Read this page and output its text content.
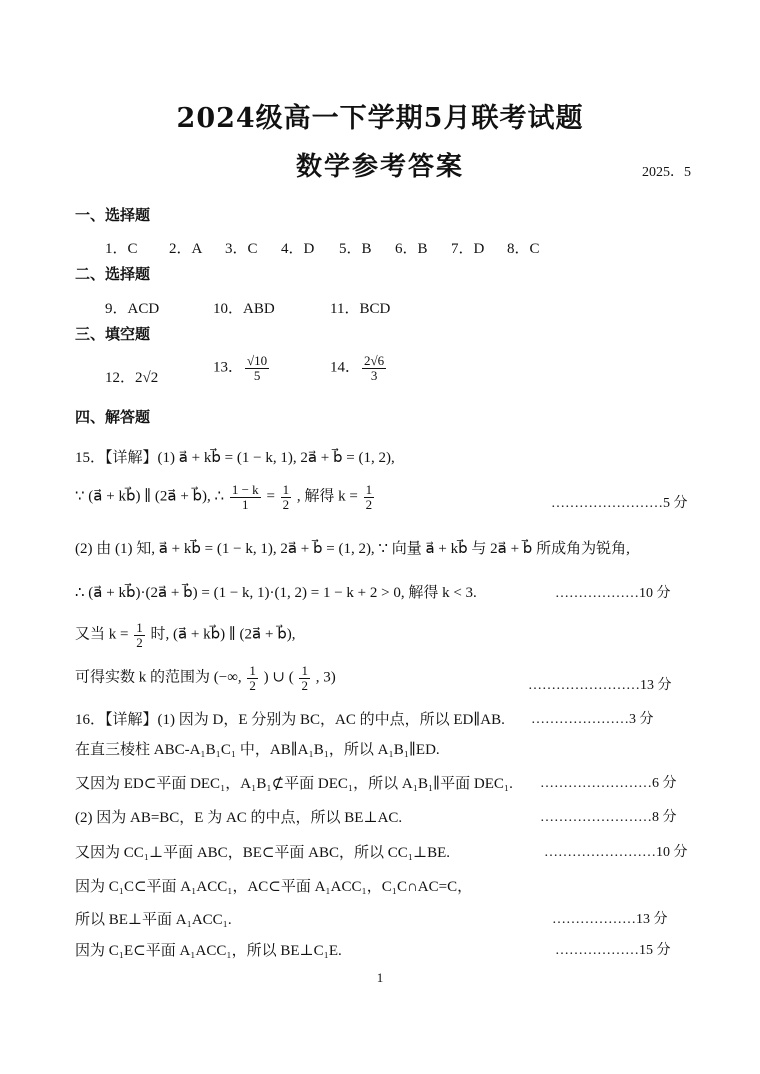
2024级高一下学期5月联考试题
数学参考答案	2025．5
一、选择题
1．C 2．A 3．C 4．D 5．B 6．B 7．D 8．C
二、选择题
9．ACD	10．ABD	11．BCD
三、填空题
12．2√2
13． $\frac{√10}{5}$	14． $\frac{2√6}{3}$
四、解答题
15．【详解】(1) a⃗ + kb⃗ = (1 − k, 1), 2a⃗ + b⃗ = (1, 2),
∵ (a⃗ + kb⃗) ∥ (2a⃗ + b⃗), ∴ $\frac{1 - k}{1} = \frac{1}{2}$ , 解得 $k = \frac{1}{2}$	……………………5 分
(2) 由 (1) 知, a⃗ + kb⃗ = (1 − k, 1), 2a⃗ + b⃗ = (1, 2), ∵ 向量 a⃗ + kb⃗ 与 2a⃗ + b⃗ 所成角为锐角,
∴ (a⃗ + kb⃗)·(2a⃗ + b⃗) = (1 − k, 1)·(1, 2) = 1 − k + 2 > 0, 解得 k < 3.	………………10 分
又当 $k = \frac{1}{2}$ 时, (a⃗ + kb⃗) ∥ (2a⃗ + b⃗),
可得实数 k 的范围为 (−∞, $\frac{1}{2}$ ) ∪ ( $\frac{1}{2}$ , 3)	……………………13 分
16．【详解】(1) 因为 D，E 分别为 BC，AC 的中点，所以 ED∥AB. …………………3 分
在直三棱柱 ABC-A₁B₁C₁ 中，AB∥A₁B₁，所以 A₁B₁∥ED.
又因为 ED⊂平面 DEC₁，A₁B₁⊄平面 DEC₁，所以 A₁B₁∥平面 DEC₁. ……………………6 分
(2) 因为 AB=BC，E 为 AC 的中点，所以 BE⊥AC.	……………………8 分
又因为 CC₁⊥平面 ABC，BE⊂平面 ABC，所以 CC₁⊥BE.	……………………10 分
因为 C₁C⊂平面 A₁ACC₁，AC⊂平面 A₁ACC₁，C₁C∩AC=C，
所以 BE⊥平面 A₁ACC₁.	………………13 分
因为 C₁E⊂平面 A₁ACC₁，所以 BE⊥C₁E.	………………15 分
1
